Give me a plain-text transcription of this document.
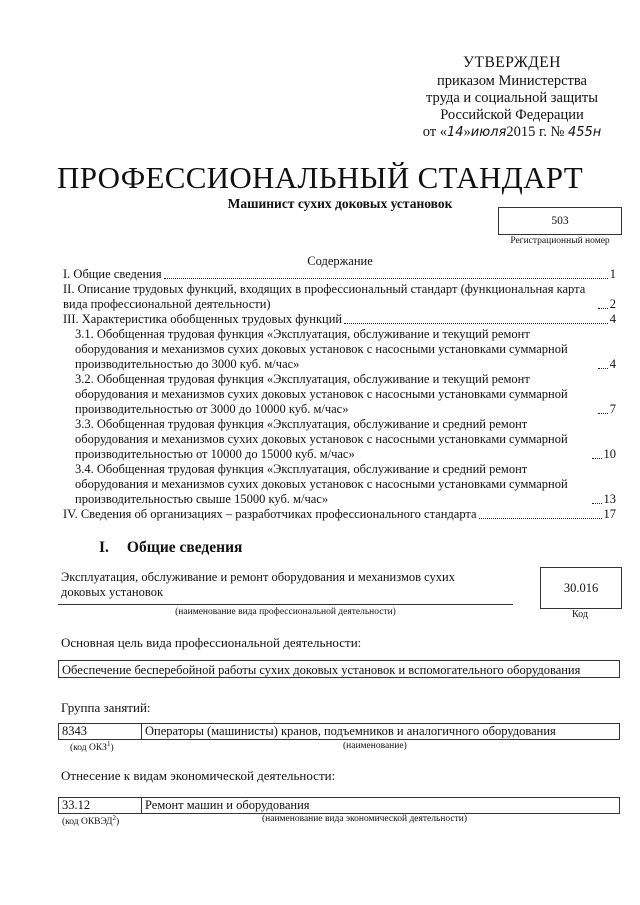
УТВЕРЖДЕН
приказом Министерства
труда и социальной защиты
Российской Федерации
от «14»июля2015 г. № 455н
ПРОФЕССИОНАЛЬНЫЙ СТАНДАРТ
Машинист сухих доковых установок
503
Регистрационный номер
Содержание
I. Общие сведения	1
II. Описание трудовых функций, входящих в профессиональный стандарт (функциональная карта вида профессиональной деятельности)	2
III. Характеристика обобщенных трудовых функций	4
3.1. Обобщенная трудовая функция «Эксплуатация, обслуживание и текущий ремонт оборудования и механизмов сухих доковых установок с насосными установками суммарной производительностью до 3000 куб. м/час»	4
3.2. Обобщенная трудовая функция «Эксплуатация, обслуживание и текущий ремонт оборудования и механизмов сухих доковых установок с насосными установками суммарной производительностью от 3000 до 10000 куб. м/час»	7
3.3. Обобщенная трудовая функция «Эксплуатация, обслуживание и средний ремонт оборудования и механизмов сухих доковых установок с насосными установками суммарной производительностью от 10000 до 15000 куб. м/час»	10
3.4. Обобщенная трудовая функция «Эксплуатация, обслуживание и средний ремонт оборудования и механизмов сухих доковых установок с насосными установками суммарной производительностью свыше 15000 куб. м/час»	13
IV. Сведения об организациях – разработчиках профессионального стандарта	17
I. Общие сведения
Эксплуатация, обслуживание и ремонт оборудования и механизмов сухих доковых установок
(наименование вида профессиональной деятельности)
30.016
Код
Основная цель вида профессиональной деятельности:
Обеспечение бесперебойной работы сухих доковых установок и вспомогательного оборудования
Группа занятий:
8343	Операторы (машинисты) кранов, подъемников и аналогичного оборудования
(код ОКЗ$^1$)	(наименование)
Отнесение к видам экономической деятельности:
33.12	Ремонт машин и оборудования
(код ОКВЭД$^2$)	(наименование вида экономической деятельности)
